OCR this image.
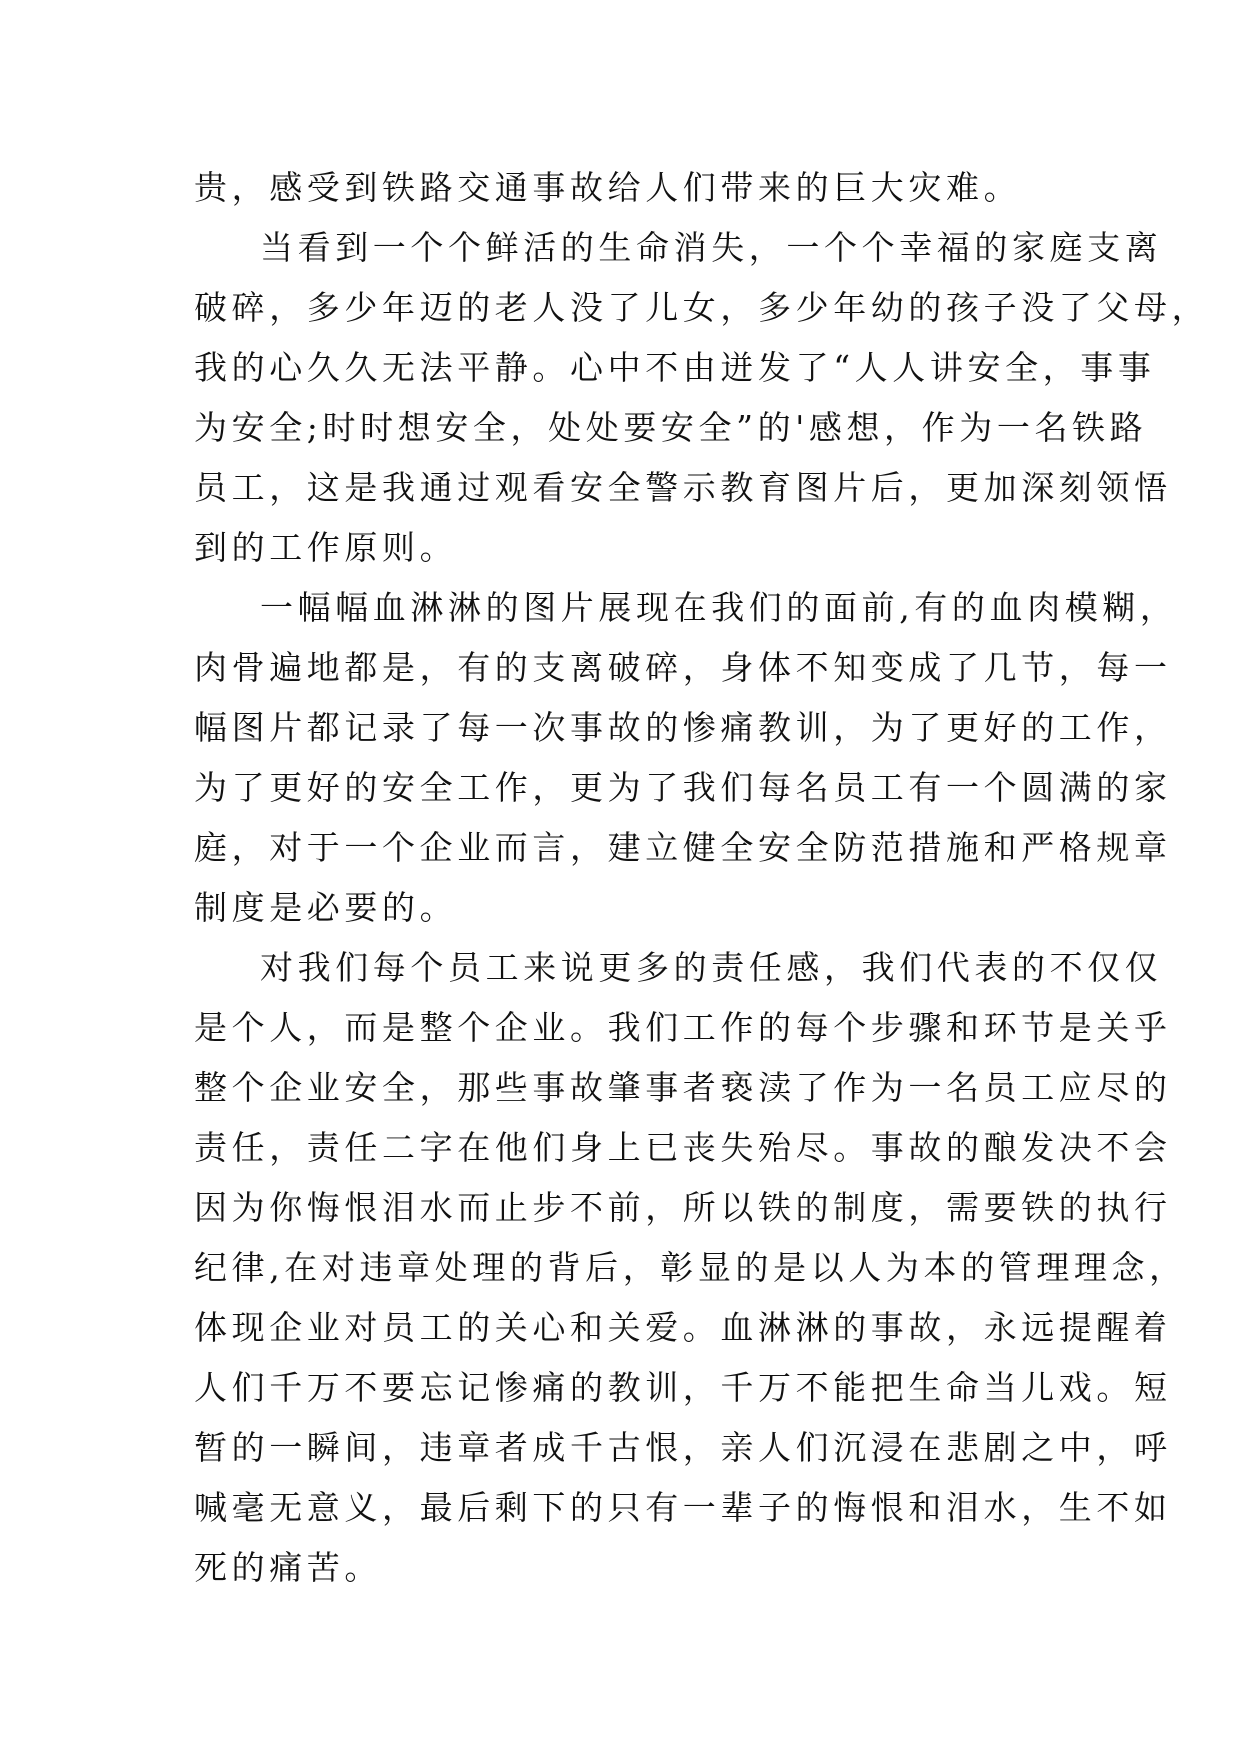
贵，感受到铁路交通事故给人们带来的巨大灾难。
当看到一个个鲜活的生命消失，一个个幸福的家庭支离
破碎，多少年迈的老人没了儿女，多少年幼的孩子没了父母，
我的心久久无法平静。心中不由迸发了“人人讲安全，事事
为安全;时时想安全，处处要安全”的'感想，作为一名铁路
员工，这是我通过观看安全警示教育图片后，更加深刻领悟
到的工作原则。
一幅幅血淋淋的图片展现在我们的面前,有的血肉模糊，
肉骨遍地都是，有的支离破碎，身体不知变成了几节，每一
幅图片都记录了每一次事故的惨痛教训，为了更好的工作，
为了更好的安全工作，更为了我们每名员工有一个圆满的家
庭，对于一个企业而言，建立健全安全防范措施和严格规章
制度是必要的。
对我们每个员工来说更多的责任感，我们代表的不仅仅
是个人，而是整个企业。我们工作的每个步骤和环节是关乎
整个企业安全，那些事故肇事者亵渎了作为一名员工应尽的
责任，责任二字在他们身上已丧失殆尽。事故的酿发决不会
因为你悔恨泪水而止步不前，所以铁的制度，需要铁的执行
纪律,在对违章处理的背后，彰显的是以人为本的管理理念，
体现企业对员工的关心和关爱。血淋淋的事故，永远提醒着
人们千万不要忘记惨痛的教训，千万不能把生命当儿戏。短
暂的一瞬间，违章者成千古恨，亲人们沉浸在悲剧之中，呼
喊毫无意义，最后剩下的只有一辈子的悔恨和泪水，生不如
死的痛苦。
